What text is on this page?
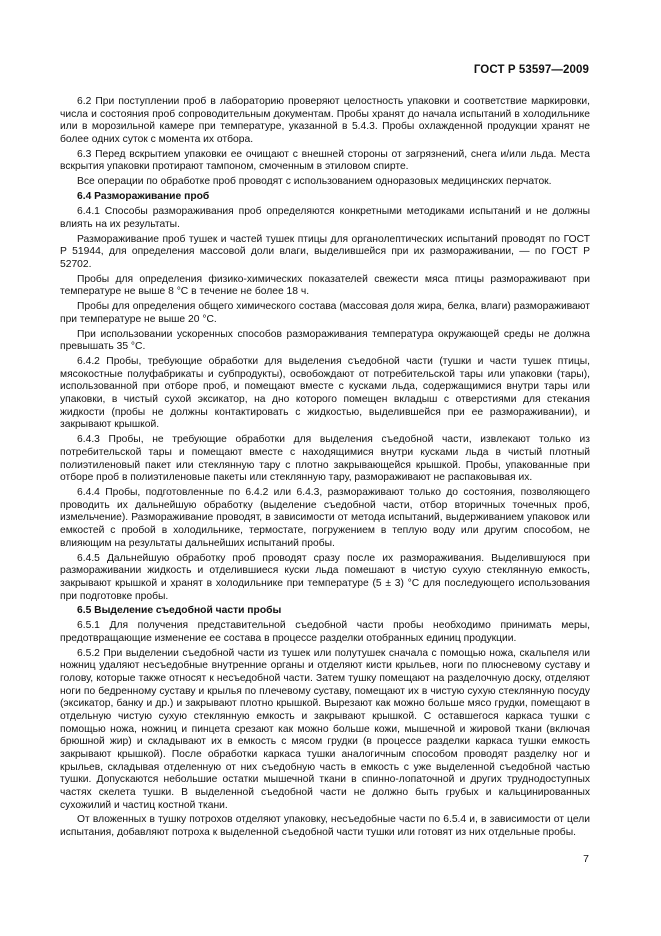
ГОСТ Р 53597—2009

6.2 При поступлении проб в лабораторию проверяют целостность упаковки и соответствие маркировки, числа и состояния проб сопроводительным документам. Пробы хранят до начала испытаний в холодильнике или в морозильной камере при температуре, указанной в 5.4.3. Пробы охлажденной продукции хранят не более одних суток с момента их отбора.

6.3 Перед вскрытием упаковки ее очищают с внешней стороны от загрязнений, снега и/или льда. Места вскрытия упаковки протирают тампоном, смоченным в этиловом спирте.

Все операции по обработке проб проводят с использованием одноразовых медицинских перчаток.

6.4 Размораживание проб

6.4.1 Способы размораживания проб определяются конкретными методиками испытаний и не должны влиять на их результаты.

Размораживание проб тушек и частей тушек птицы для органолептических испытаний проводят по ГОСТ Р 51944, для определения массовой доли влаги, выделившейся при их размораживании, — по ГОСТ Р 52702.

Пробы для определения физико-химических показателей свежести мяса птицы размораживают при температуре не выше 8 °С в течение не более 18 ч.

Пробы для определения общего химического состава (массовая доля жира, белка, влаги) размораживают при температуре не выше 20 °С.

При использовании ускоренных способов размораживания температура окружающей среды не должна превышать 35 °С.

6.4.2 Пробы, требующие обработки для выделения съедобной части (тушки и части тушек птицы, мясокостные полуфабрикаты и субпродукты), освобождают от потребительской тары или упаковки (тары), использованной при отборе проб, и помещают вместе с кусками льда, содержащимися внутри тары или упаковки, в чистый сухой эксикатор, на дно которого помещен вкладыш с отверстиями для стекания жидкости (пробы не должны контактировать с жидкостью, выделившейся при ее размораживании), и закрывают крышкой.

6.4.3 Пробы, не требующие обработки для выделения съедобной части, извлекают только из потребительской тары и помещают вместе с находящимися внутри кусками льда в чистый плотный полиэтиленовый пакет или стеклянную тару с плотно закрывающейся крышкой. Пробы, упакованные при отборе проб в полиэтиленовые пакеты или стеклянную тару, размораживают не распаковывая их.

6.4.4 Пробы, подготовленные по 6.4.2 или 6.4.3, размораживают только до состояния, позволяющего проводить их дальнейшую обработку (выделение съедобной части, отбор вторичных точечных проб, измельчение). Размораживание проводят, в зависимости от метода испытаний, выдерживанием упаковок или емкостей с пробой в холодильнике, термостате, погружением в теплую воду или другим способом, не влияющим на результаты дальнейших испытаний пробы.

6.4.5 Дальнейшую обработку проб проводят сразу после их размораживания. Выделившуюся при размораживании жидкость и отделившиеся куски льда помешают в чистую сухую стеклянную емкость, закрывают крышкой и хранят в холодильнике при температуре (5 ± 3) °С для последующего использования при подготовке пробы.

6.5 Выделение съедобной части пробы

6.5.1 Для получения представительной съедобной части пробы необходимо принимать меры, предотвращающие изменение ее состава в процессе разделки отобранных единиц продукции.

6.5.2 При выделении съедобной части из тушек или полутушек сначала с помощью ножа, скальпеля или ножниц удаляют несъедобные внутренние органы и отделяют кисти крыльев, ноги по плюсневому суставу и голову, которые также относят к несъедобной части. Затем тушку помещают на разделочную доску, отделяют ноги по бедренному суставу и крылья по плечевому суставу, помещают их в чистую сухую стеклянную посуду (эксикатор, банку и др.) и закрывают плотно крышкой. Вырезают как можно больше мясо грудки, помещают в отдельную чистую сухую стеклянную емкость и закрывают крышкой. С оставшегося каркаса тушки с помощью ножа, ножниц и пинцета срезают как можно больше кожи, мышечной и жировой ткани (включая брюшной жир) и складывают их в емкость с мясом грудки (в процессе разделки каркаса тушки емкость закрывают крышкой). После обработки каркаса тушки аналогичным способом проводят разделку ног и крыльев, складывая отделенную от них съедобную часть в емкость с уже выделенной съедобной частью тушки. Допускаются небольшие остатки мышечной ткани в спинно-лопаточной и других труднодоступных частях скелета тушки. В выделенной съедобной части не должно быть грубых и кальцинированных сухожилий и частиц костной ткани.

От вложенных в тушку потрохов отделяют упаковку, несъедобные части по 6.5.4 и, в зависимости от цели испытания, добавляют потроха к выделенной съедобной части тушки или готовят из них отдельные пробы.

7
